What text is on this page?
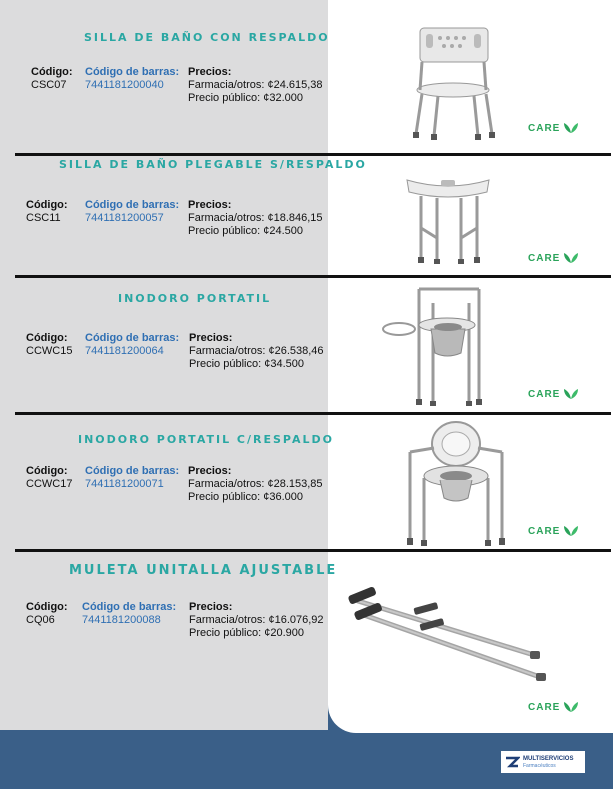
SILLA DE BAÑO CON RESPALDO
Código:
CSC07
Código de barras:
7441181200040
Precios:
Farmacia/otros: ¢24.615,38
Precio público: ¢32.000
CARE
SILLA DE BAÑO PLEGABLE S/RESPALDO
Código:
CSC11
Código de barras:
7441181200057
Precios:
Farmacia/otros: ¢18.846,15
Precio público: ¢24.500
CARE
INODORO PORTATIL
Código:
CCWC15
Código de barras:
7441181200064
Precios:
Farmacia/otros: ¢26.538,46
Precio público: ¢34.500
CARE
INODORO PORTATIL C/RESPALDO
Código:
CCWC17
Código de barras:
7441181200071
Precios:
Farmacia/otros: ¢28.153,85
Precio público: ¢36.000
CARE
MULETA UNITALLA AJUSTABLE
Código:
CQ06
Código de barras:
7441181200088
Precios:
Farmacia/otros: ¢16.076,92
Precio público: ¢20.900
CARE
MULTISERVICIOS
Farmacéuticos
